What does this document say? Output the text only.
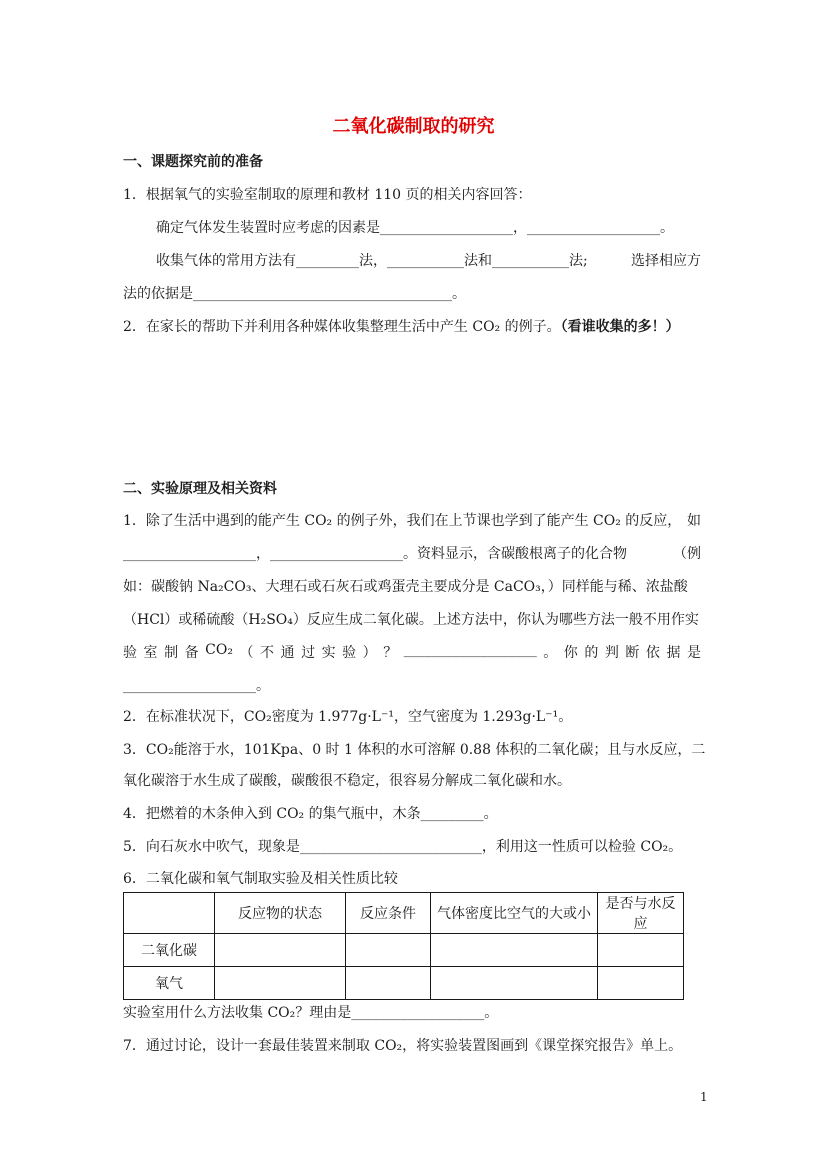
二氧化碳制取的研究
一、课题探究前的准备
1．根据氧气的实验室制取的原理和教材 110 页的相关内容回答：
确定气体发生装置时应考虑的因素是___________________，___________________。
收集气体的常用方法有_________法，___________法和___________法;	选择相应方
法的依据是_____________________________________。
2．在家长的帮助下并利用各种媒体收集整理生活中产生 CO₂ 的例子。（看谁收集的多！）
二、实验原理及相关资料
1．除了生活中遇到的能产生 CO₂ 的例子外，我们在上节课也学到了能产生 CO₂ 的反应， 如
___________________，___________________。资料显示，含碳酸根离子的化合物	（例
如：碳酸钠 Na₂CO₃、大理石或石灰石或鸡蛋壳主要成分是 CaCO₃，）同样能与稀、浓盐酸
（HCl）或稀硫酸（H₂SO₄）反应生成二氧化碳。上述方法中，你认为哪些方法一般不用作实
验 室 制 备 CO₂ （ 不 通 过 实 验 ） ？ ___________________ 。 你 的 判 断 依 据 是
___________________。
2．在标准状况下，CO₂密度为 1.977g·L⁻¹，空气密度为 1.293g·L⁻¹。
3．CO₂能溶于水，101Kpa、0 时 1 体积的水可溶解 0.88 体积的二氧化碳；且与水反应，二
氧化碳溶于水生成了碳酸，碳酸很不稳定，很容易分解成二氧化碳和水。
4．把燃着的木条伸入到 CO₂ 的集气瓶中，木条_________。
5．向石灰水中吹气，现象是__________________________，利用这一性质可以检验 CO₂。
6．二氧化碳和氧气制取实验及相关性质比较
	反应物的状态	反应条件	气体密度比空气的大或小	是否与水反应
二氧化碳				
氧气				
实验室用什么方法收集 CO₂？理由是___________________。
7．通过讨论，设计一套最佳装置来制取 CO₂，将实验装置图画到《课堂探究报告》单上。
1
